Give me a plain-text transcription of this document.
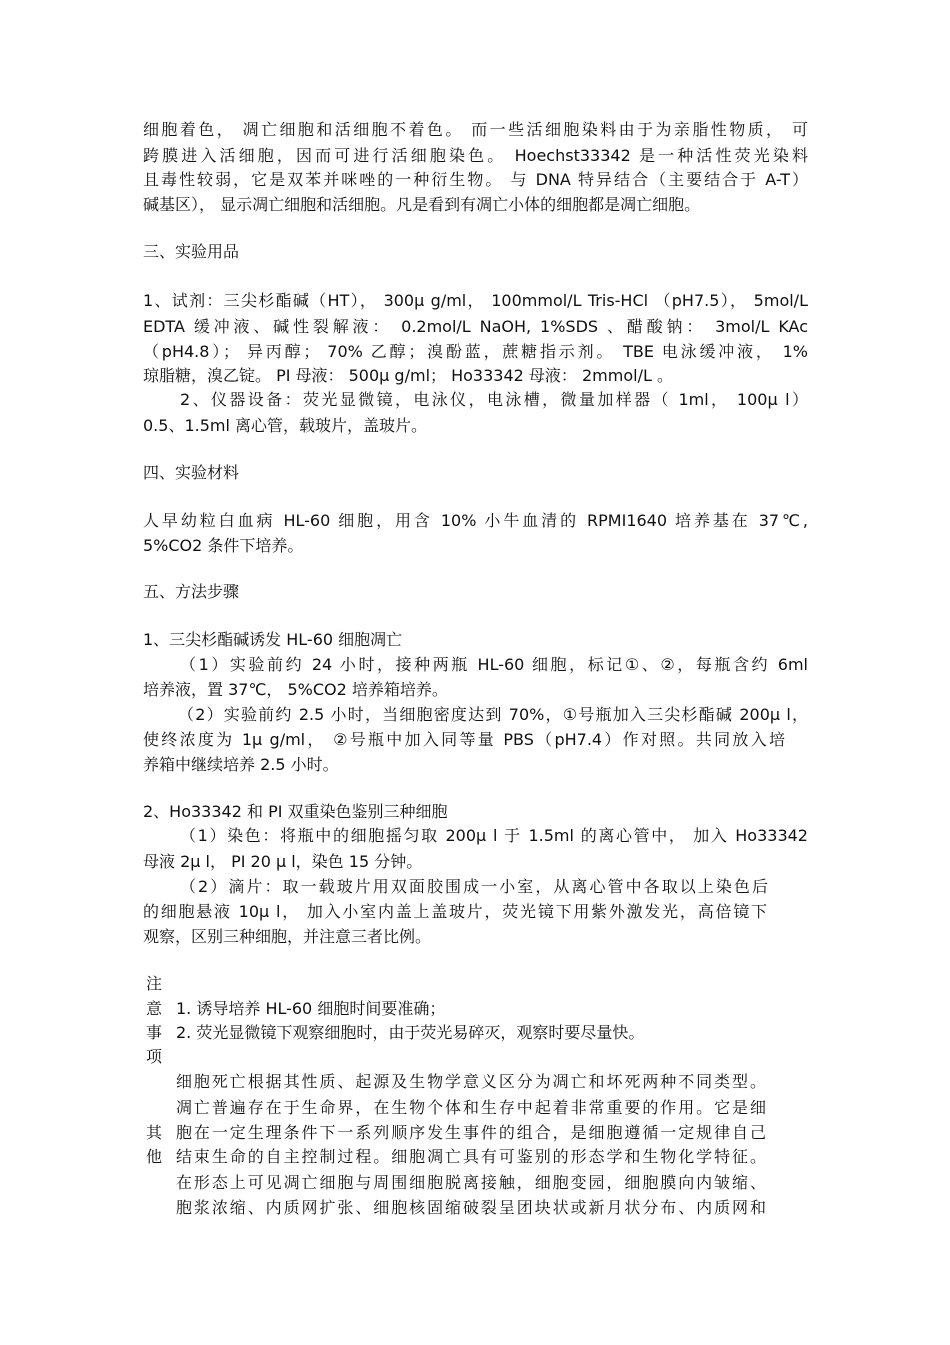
细胞着色， 凋亡细胞和活细胞不着色。 而一些活细胞染料由于为亲脂性物质， 可
跨膜进入活细胞，因而可进行活细胞染色。 Hoechst33342 是一种活性荧光染料
且毒性较弱，它是双苯并咪唑的一种衍生物。 与 DNA 特异结合（主要结合于 A-T）
碱基区）， 显示凋亡细胞和活细胞。凡是看到有凋亡小体的细胞都是凋亡细胞。
三、实验用品
1、试剂：三尖杉酯碱（HT）， 300μ g/ml， 100mmol/L Tris-HCl （pH7.5）， 5mol/L
EDTA 缓冲液、碱性裂解液： 0.2mol/L NaOH, 1%SDS 、醋酸钠： 3mol/L KAc
（pH4.8）； 异丙醇； 70% 乙醇；溴酚蓝，蔗糖指示剂。 TBE 电泳缓冲液， 1%
琼脂糖，溴乙锭。 PI 母液： 500μ g/ml； Ho33342 母液： 2mmol/L 。
2、仪器设备：荧光显微镜，电泳仪，电泳槽，微量加样器（ 1ml， 100μ l）
0.5、1.5ml 离心管，载玻片，盖玻片。
四、实验材料
人早幼粒白血病 HL-60 细胞，用含 10% 小牛血清的 RPMI1640 培养基在 37℃,
5%CO2 条件下培养。
五、方法步骤
1、三尖杉酯碱诱发 HL-60 细胞凋亡
（1）实验前约 24 小时，接种两瓶 HL-60 细胞，标记①、②，每瓶含约 6ml
培养液，置 37℃， 5%CO2 培养箱培养。
（2）实验前约 2.5 小时，当细胞密度达到 70%，①号瓶加入三尖杉酯碱 200μ l，
使终浓度为 1μ g/ml， ②号瓶中加入同等量 PBS（pH7.4）作对照。共同放入培
养箱中继续培养 2.5 小时。
2、Ho33342 和 PI 双重染色鉴别三种细胞
（1）染色：将瓶中的细胞摇匀取 200μ l 于 1.5ml 的离心管中， 加入 Ho33342
母液 2μ l， PI 20 μ l，染色 15 分钟。
（2）滴片：取一载玻片用双面胶围成一小室，从离心管中各取以上染色后
的细胞悬液 10μ l， 加入小室内盖上盖玻片，荧光镜下用紫外激发光，高倍镜下
观察，区别三种细胞，并注意三者比例。
注
意
事
项
1. 诱导培养 HL-60 细胞时间要准确；
2. 荧光显微镜下观察细胞时，由于荧光易碎灭，观察时要尽量快。
其
他
细胞死亡根据其性质、起源及生物学意义区分为凋亡和坏死两种不同类型。
凋亡普遍存在于生命界，在生物个体和生存中起着非常重要的作用。它是细
胞在一定生理条件下一系列顺序发生事件的组合，是细胞遵循一定规律自己
结束生命的自主控制过程。细胞凋亡具有可鉴别的形态学和生物化学特征。
在形态上可见凋亡细胞与周围细胞脱离接触，细胞变园，细胞膜向内皱缩、
胞浆浓缩、内质网扩张、细胞核固缩破裂呈团块状或新月状分布、内质网和
